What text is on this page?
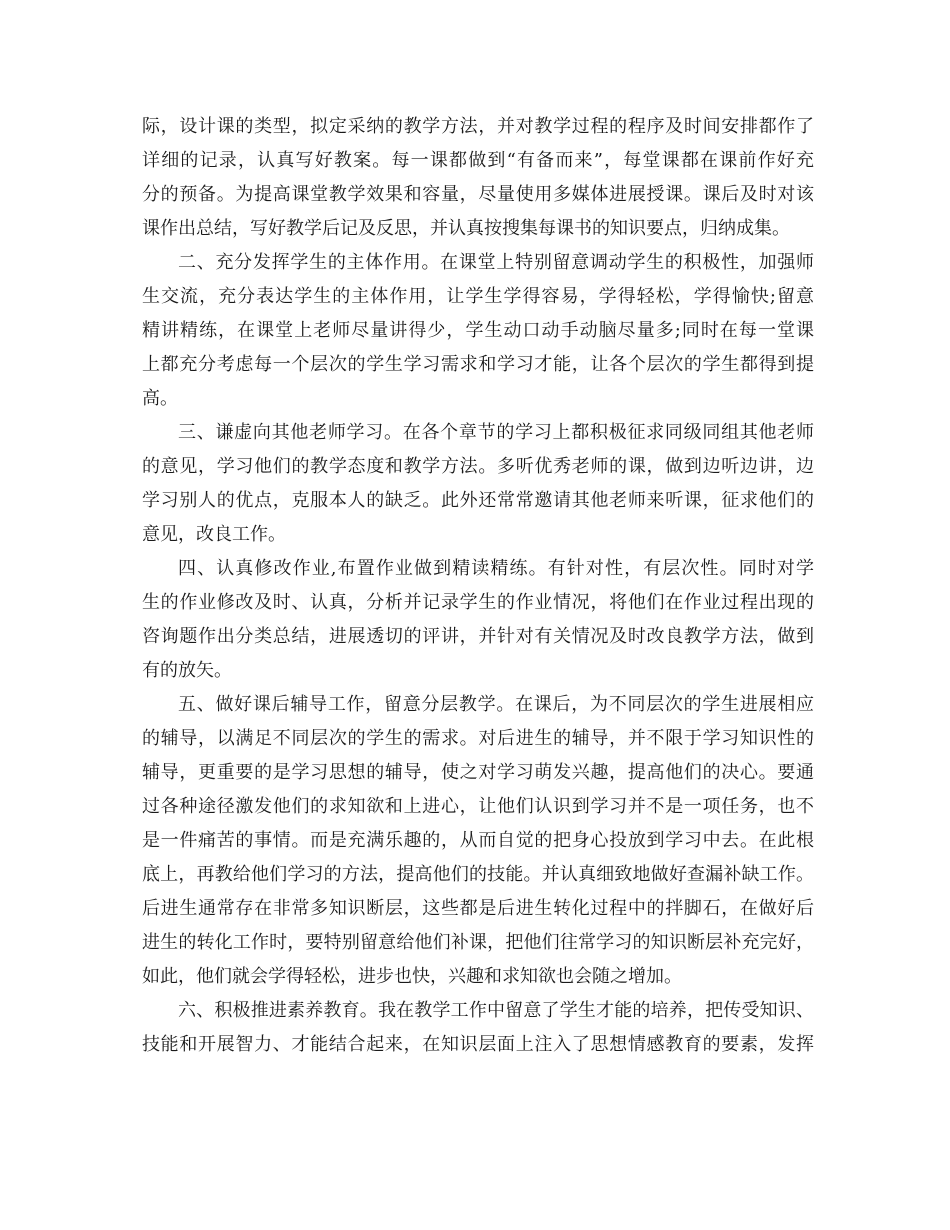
际，设计课的类型，拟定采纳的教学方法，并对教学过程的程序及时间安排都作了
详细的记录，认真写好教案。每一课都做到“有备而来”，每堂课都在课前作好充
分的预备。为提高课堂教学效果和容量，尽量使用多媒体进展授课。课后及时对该
课作出总结，写好教学后记及反思，并认真按搜集每课书的知识要点，归纳成集。
二、充分发挥学生的主体作用。在课堂上特别留意调动学生的积极性，加强师
生交流，充分表达学生的主体作用，让学生学得容易，学得轻松，学得愉快;留意
精讲精练，在课堂上老师尽量讲得少，学生动口动手动脑尽量多;同时在每一堂课
上都充分考虑每一个层次的学生学习需求和学习才能，让各个层次的学生都得到提
高。
三、谦虚向其他老师学习。在各个章节的学习上都积极征求同级同组其他老师
的意见，学习他们的教学态度和教学方法。多听优秀老师的课，做到边听边讲，边
学习别人的优点，克服本人的缺乏。此外还常常邀请其他老师来听课，征求他们的
意见，改良工作。
四、认真修改作业,布置作业做到精读精练。有针对性，有层次性。同时对学
生的作业修改及时、认真，分析并记录学生的作业情况，将他们在作业过程出现的
咨询题作出分类总结，进展透切的评讲，并针对有关情况及时改良教学方法，做到
有的放矢。
五、做好课后辅导工作，留意分层教学。在课后，为不同层次的学生进展相应
的辅导，以满足不同层次的学生的需求。对后进生的辅导，并不限于学习知识性的
辅导，更重要的是学习思想的辅导，使之对学习萌发兴趣，提高他们的决心。要通
过各种途径激发他们的求知欲和上进心，让他们认识到学习并不是一项任务，也不
是一件痛苦的事情。而是充满乐趣的，从而自觉的把身心投放到学习中去。在此根
底上，再教给他们学习的方法，提高他们的技能。并认真细致地做好查漏补缺工作。
后进生通常存在非常多知识断层，这些都是后进生转化过程中的拌脚石，在做好后
进生的转化工作时，要特别留意给他们补课，把他们往常学习的知识断层补充完好，
如此，他们就会学得轻松，进步也快，兴趣和求知欲也会随之增加。
六、积极推进素养教育。我在教学工作中留意了学生才能的培养，把传受知识、
技能和开展智力、才能结合起来，在知识层面上注入了思想情感教育的要素，发挥
